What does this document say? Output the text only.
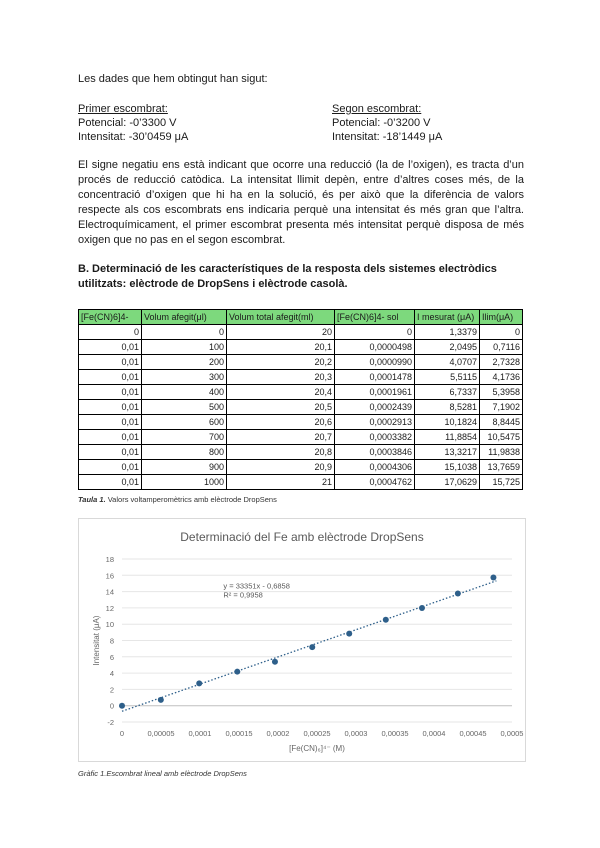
Les dades que hem obtingut han sigut:
Primer escombrat:
Potencial: -0’3300 V
Intensitat: -30’0459 μA
Segon escombrat:
Potencial: -0’3200 V
Intensitat: -18’1449 μA
El signe negatiu ens està indicant que ocorre una reducció (la de l’oxigen), es tracta d’un procés de reducció catòdica. La intensitat llimit depèn, entre d’altres coses més, de la concentració d’oxigen que hi ha en la solució, és per això que la diferència de valors respecte als cos escombrats ens indicaria perquè una intensitat és més gran que l’altra. Electroquímicament, el primer escombrat presenta més intensitat perquè disposa de més oxigen que no pas en el segon escombrat.
B. Determinació de les característiques de la resposta dels sistemes electròdics utilitzats: elèctrode de DropSens i elèctrode casolà.
[Fe(CN)6]4-	Volum afegit(μl)	Volum total afegit(ml)	[Fe(CN)6]4- sol	I mesurat (μA)	Ilim(μA)
0	0	20	0	1,3379	0
0,01	100	20,1	0,0000498	2,0495	0,7116
0,01	200	20,2	0,0000990	4,0707	2,7328
0,01	300	20,3	0,0001478	5,5115	4,1736
0,01	400	20,4	0,0001961	6,7337	5,3958
0,01	500	20,5	0,0002439	8,5281	7,1902
0,01	600	20,6	0,0002913	10,1824	8,8445
0,01	700	20,7	0,0003382	11,8854	10,5475
0,01	800	20,8	0,0003846	13,3217	11,9838
0,01	900	20,9	0,0004306	15,1038	13,7659
0,01	1000	21	0,0004762	17,0629	15,725
Taula 1. Valors voltamperomètrics amb elèctrode DropSens
-2
0
2
4
6
8
10
12
14
16
18
0	0,00005 0,0001 0,00015 0,0002 0,00025 0,0003 0,00035 0,0004 0,00045 0,0005
Determinació del Fe amb elèctrode DropSens
[Fe(CN)₆]⁴⁻ (M)
Intensitat (μA)
y = 33351x - 0,6858
R² = 0,9958
Gràfic 1.Escombrat lineal amb elèctrode DropSens
